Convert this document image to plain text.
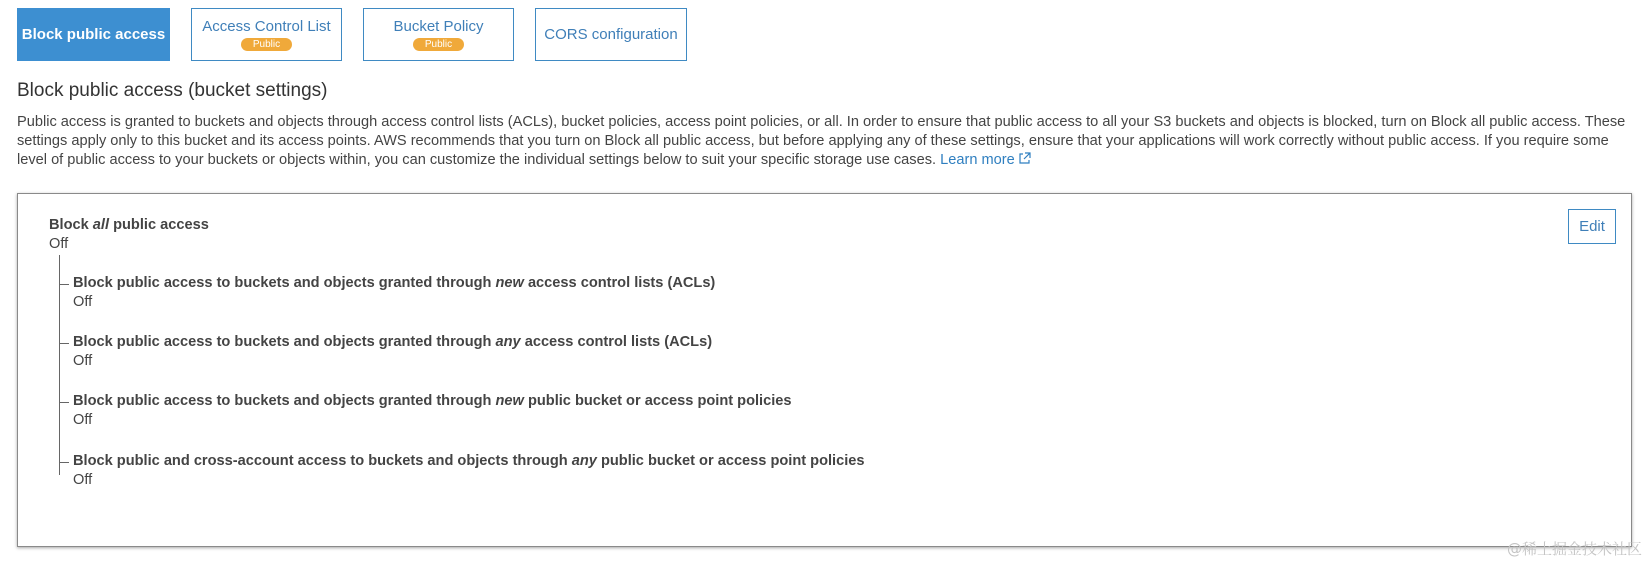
Block public access Access Control List
Public
Bucket Policy
Public
CORS configuration
Block public access (bucket settings)

Public access is granted to buckets and objects through access control lists (ACLs), bucket policies, access point policies, or all. In order to ensure that public access to all your S3 buckets and objects is blocked, turn on Block all public access. These settings apply only to this bucket and its access points. AWS recommends that you turn on Block all public access, but before applying any of these settings, ensure that your applications will work correctly without public access. If you require some level of public access to your buckets or objects within, you can customize the individual settings below to suit your specific storage use cases. Learn more

Edit
Block all public access
Off
Block public access to buckets and objects granted through new access control lists (ACLs)
Off
Block public access to buckets and objects granted through any access control lists (ACLs)
Off
Block public access to buckets and objects granted through new public bucket or access point policies
Off
Block public and cross-account access to buckets and objects through any public bucket or access point policies
Off
@稀土掘金技术社区
